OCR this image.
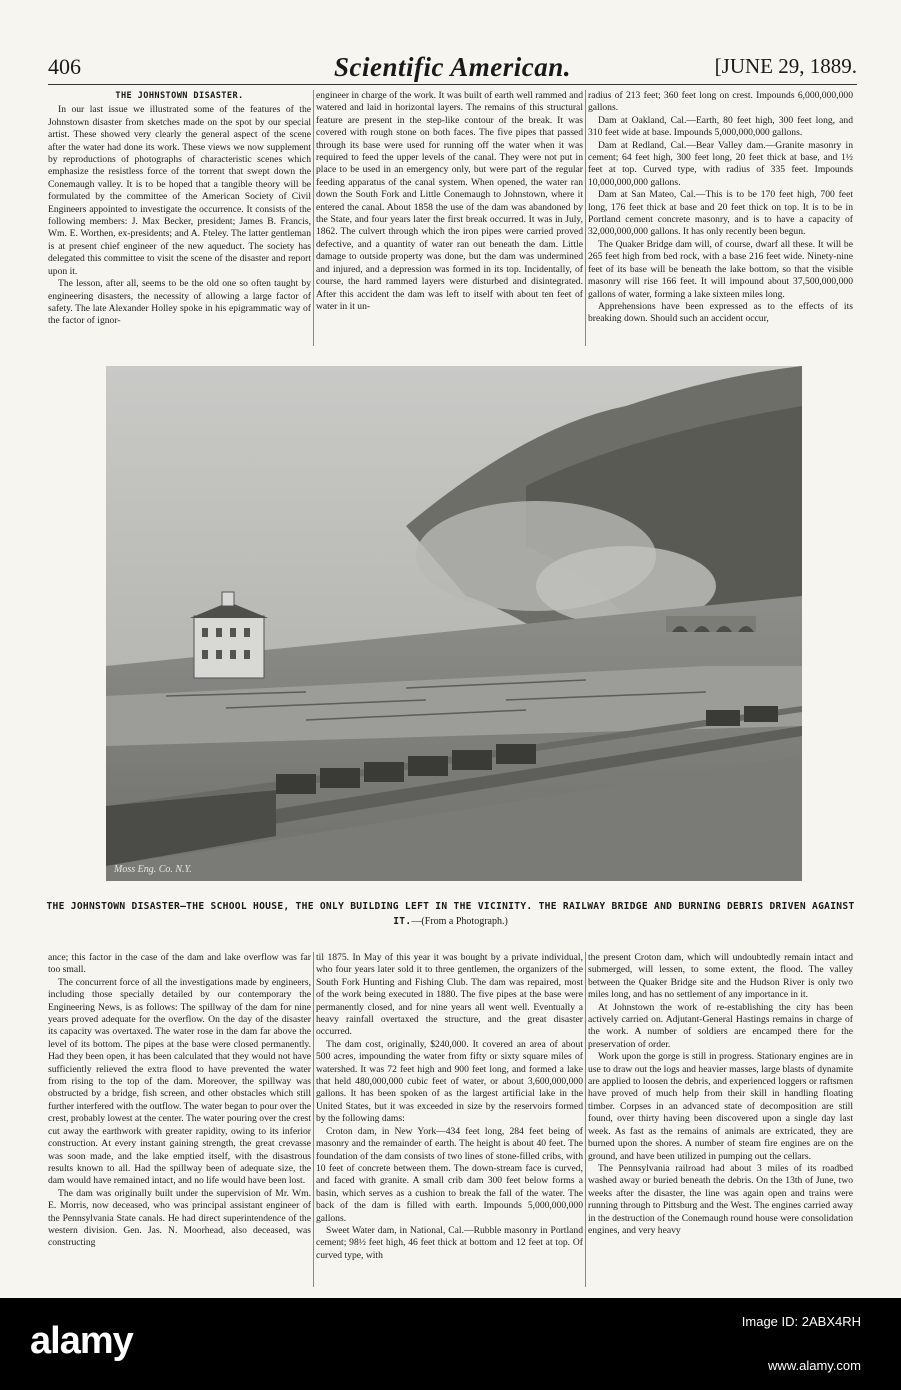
406	Scientific American.	[JUNE 29, 1889.

THE JOHNSTOWN DISASTER.

In our last issue we illustrated some of the features of the Johnstown disaster from sketches made on the spot by our special artist. These showed very clearly the general aspect of the scene after the water had done its work. These views we now supplement by reproductions of photographs of characteristic scenes which emphasize the resistless force of the torrent that swept down the Conemaugh valley. It is to be hoped that a tangible theory will be formulated by the committee of the American Society of Civil Engineers appointed to investigate the occurrence. It consists of the following members: J. Max Becker, president; James B. Francis, Wm. E. Worthen, ex-presidents; and A. Fteley. The latter gentleman is at present chief engineer of the new aqueduct. The society has delegated this committee to visit the scene of the disaster and report upon it.

The lesson, after all, seems to be the old one so often taught by engineering disasters, the necessity of allowing a large factor of safety. The late Alexander Holley spoke in his epigrammatic way of the factor of ignor-

engineer in charge of the work. It was built of earth well rammed and watered and laid in horizontal layers. The remains of this structural feature are present in the step-like contour of the break. It was covered with rough stone on both faces. The five pipes that passed through its base were used for running off the water when it was required to feed the upper levels of the canal. They were not put in place to be used in an emergency only, but were part of the regular feeding apparatus of the canal system. When opened, the water ran down the South Fork and Little Conemaugh to Johnstown, where it entered the canal. About 1858 the use of the dam was abandoned by the State, and four years later the first break occurred. It was in July, 1862. The culvert through which the iron pipes were carried proved defective, and a quantity of water ran out beneath the dam. Little damage to outside property was done, but the dam was undermined and injured, and a depression was formed in its top. Incidentally, of course, the hard rammed layers were disturbed and disintegrated. After this accident the dam was left to itself with about ten feet of water in it un-

radius of 213 feet; 360 feet long on crest. Impounds 6,000,000,000 gallons.

Dam at Oakland, Cal.—Earth, 80 feet high, 300 feet long, and 310 feet wide at base. Impounds 5,000,000,000 gallons.

Dam at Redland, Cal.—Bear Valley dam.—Granite masonry in cement; 64 feet high, 300 feet long, 20 feet thick at base, and 1½ feet at top. Curved type, with radius of 335 feet. Impounds 10,000,000,000 gallons.

Dam at San Mateo, Cal.—This is to be 170 feet high, 700 feet long, 176 feet thick at base and 20 feet thick on top. It is to be in Portland cement concrete masonry, and is to have a capacity of 32,000,000,000 gallons. It has only recently been begun.

The Quaker Bridge dam will, of course, dwarf all these. It will be 265 feet high from bed rock, with a base 216 feet wide. Ninety-nine feet of its base will be beneath the lake bottom, so that the visible masonry will rise 166 feet. It will impound about 37,500,000,000 gallons of water, forming a lake sixteen miles long.

Apprehensions have been expressed as to the effects of its breaking down. Should such an accident occur,

Moss Eng. Co. N.Y.
THE JOHNSTOWN DISASTER—THE SCHOOL HOUSE, THE ONLY BUILDING LEFT IN THE VICINITY. THE RAILWAY BRIDGE AND BURNING DEBRIS DRIVEN AGAINST IT.—(From a Photograph.)

ance; this factor in the case of the dam and lake overflow was far too small.

The concurrent force of all the investigations made by engineers, including those specially detailed by our contemporary the Engineering News, is as follows: The spillway of the dam for nine years proved adequate for the overflow. On the day of the disaster its capacity was overtaxed. The water rose in the dam far above the level of its bottom. The pipes at the base were closed permanently. Had they been open, it has been calculated that they would not have sufficiently relieved the extra flood to have prevented the water from rising to the top of the dam. Moreover, the spillway was obstructed by a bridge, fish screen, and other obstacles which still further interfered with the outflow. The water began to pour over the crest, probably lowest at the center. The water pouring over the crest cut away the earthwork with greater rapidity, owing to its inferior construction. At every instant gaining strength, the great crevasse was soon made, and the lake emptied itself, with the disastrous results known to all. Had the spillway been of adequate size, the dam would have remained intact, and no life would have been lost.

The dam was originally built under the supervision of Mr. Wm. E. Morris, now deceased, who was principal assistant engineer of the Pennsylvania State canals. He had direct superintendence of the western division. Gen. Jas. N. Moorhead, also deceased, was constructing

til 1875. In May of this year it was bought by a private individual, who four years later sold it to three gentlemen, the organizers of the South Fork Hunting and Fishing Club. The dam was repaired, most of the work being executed in 1880. The five pipes at the base were permanently closed, and for nine years all went well. Eventually a heavy rainfall overtaxed the structure, and the great disaster occurred.

The dam cost, originally, $240,000. It covered an area of about 500 acres, impounding the water from fifty or sixty square miles of watershed. It was 72 feet high and 900 feet long, and formed a lake that held 480,000,000 cubic feet of water, or about 3,600,000,000 gallons. It has been spoken of as the largest artificial lake in the United States, but it was exceeded in size by the reservoirs formed by the following dams:

Croton dam, in New York—434 feet long, 284 feet being of masonry and the remainder of earth. The height is about 40 feet. The foundation of the dam consists of two lines of stone-filled cribs, with 10 feet of concrete between them. The down-stream face is curved, and faced with granite. A small crib dam 300 feet below forms a basin, which serves as a cushion to break the fall of the water. The back of the dam is filled with earth. Impounds 5,000,000,000 gallons.

Sweet Water dam, in National, Cal.—Rubble masonry in Portland cement; 98½ feet high, 46 feet thick at bottom and 12 feet at top. Of curved type, with

the present Croton dam, which will undoubtedly remain intact and submerged, will lessen, to some extent, the flood. The valley between the Quaker Bridge site and the Hudson River is only two miles long, and has no settlement of any importance in it.

At Johnstown the work of re-establishing the city has been actively carried on. Adjutant-General Hastings remains in charge of the work. A number of soldiers are encamped there for the preservation of order.

Work upon the gorge is still in progress. Stationary engines are in use to draw out the logs and heavier masses, large blasts of dynamite are applied to loosen the debris, and experienced loggers or raftsmen have proved of much help from their skill in handling floating timber. Corpses in an advanced state of decomposition are still found, over thirty having been discovered upon a single day last week. As fast as the remains of animals are extricated, they are burned upon the shores. A number of steam fire engines are on the ground, and have been utilized in pumping out the cellars.

The Pennsylvania railroad had about 3 miles of its roadbed washed away or buried beneath the debris. On the 13th of June, two weeks after the disaster, the line was again open and trains were running through to Pittsburg and the West. The engines carried away in the destruction of the Conemaugh round house were consolidation engines, and very heavy

alamy	Image ID: 2ABX4RH
www.alamy.com
